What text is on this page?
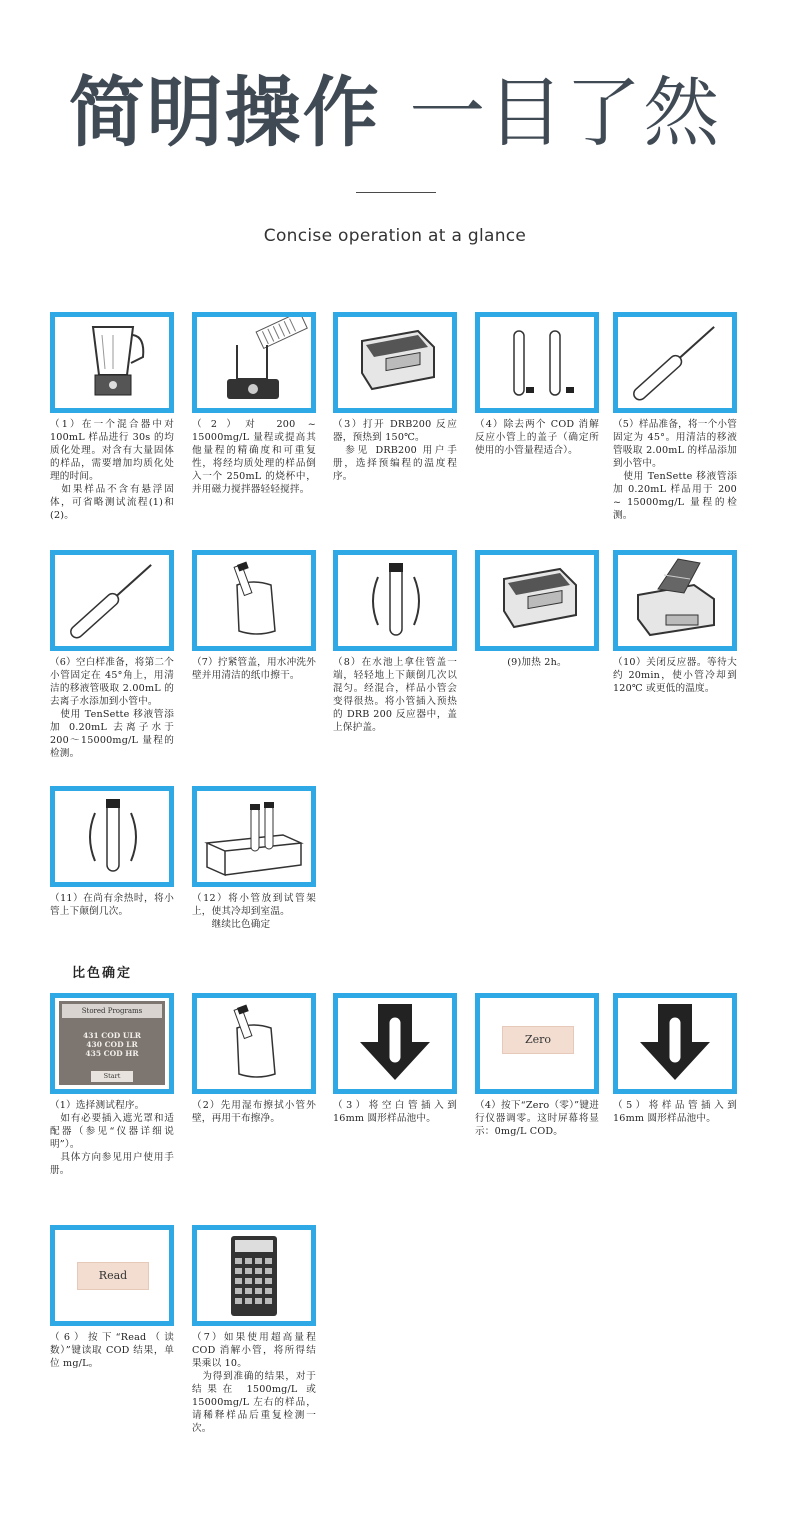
简明操作 一目了然

Concise operation at a glance

（1）在一个混合器中对 100mL 样品进行 30s 的均质化处理。对含有大量固体的样品，需要增加均质化处理的时间。
　如果样品不含有悬浮固体，可省略测试流程(1)和(2)。

（2）对 200 ~ 15000mg/L 量程或提高其他量程的精确度和可重复性，将经均质处理的样品倒入一个 250mL 的烧杯中，并用磁力搅拌器轻轻搅拌。

（3）打开 DRB200 反应器，预热到 150℃。
　参见 DRB200 用户手册，选择预编程的温度程序。

（4）除去两个 COD 消解反应小管上的盖子（确定所使用的小管量程适合）。

（5）样品准备，将一个小管固定为 45°。用清洁的移液管吸取 2.00mL 的样品添加到小管中。
　使用 TenSette 移液管添加 0.20mL 样品用于 200 ~ 15000mg/L 量程的检测。

（6）空白样准备，将第二个小管固定在 45°角上，用清洁的移液管吸取 2.00mL 的去离子水添加到小管中。
　使用 TenSette 移液管添加 0.20mL 去离子水于 200～15000mg/L 量程的检测。

（7）拧紧管盖，用水冲洗外壁并用清洁的纸巾擦干。

（8）在水池上拿住管盖一端，轻轻地上下颠倒几次以混匀。经混合，样品小管会变得很热。将小管插入预热的 DRB 200 反应器中，盖上保护盖。

(9)加热 2h。	（10）关闭反应器。等待大约 20min，使小管冷却到 120℃ 或更低的温度。

（11）在尚有余热时，将小管上下颠倒几次。

（12）将小管放到试管架上，使其冷却到室温。
　　继续比色确定

比色确定

Stored Programs
431 COD ULR
430 COD LR
435 COD HR
Start

（1）选择测试程序。
　如有必要插入遮光罩和适配器（参见“仪器详细说明”）。
　具体方向参见用户使用手册。

（2）先用湿布擦拭小管外壁，再用干布擦净。

（3）将空白管插入到 16mm 圆形样品池中。

Zero

（4）按下“Zero（零）”键进行仪器调零。这时屏幕将显示：0mg/L COD。

（5）将样品管插入到 16mm 圆形样品池中。

Read

（6）按下“Read（读数）”键读取 COD 结果，单位 mg/L。

（7）如果使用超高量程 COD 消解小管，将所得结果乘以 10。
　为得到准确的结果，对于结果在 1500mg/L 或 15000mg/L 左右的样品，请稀释样品后重复检测一次。
